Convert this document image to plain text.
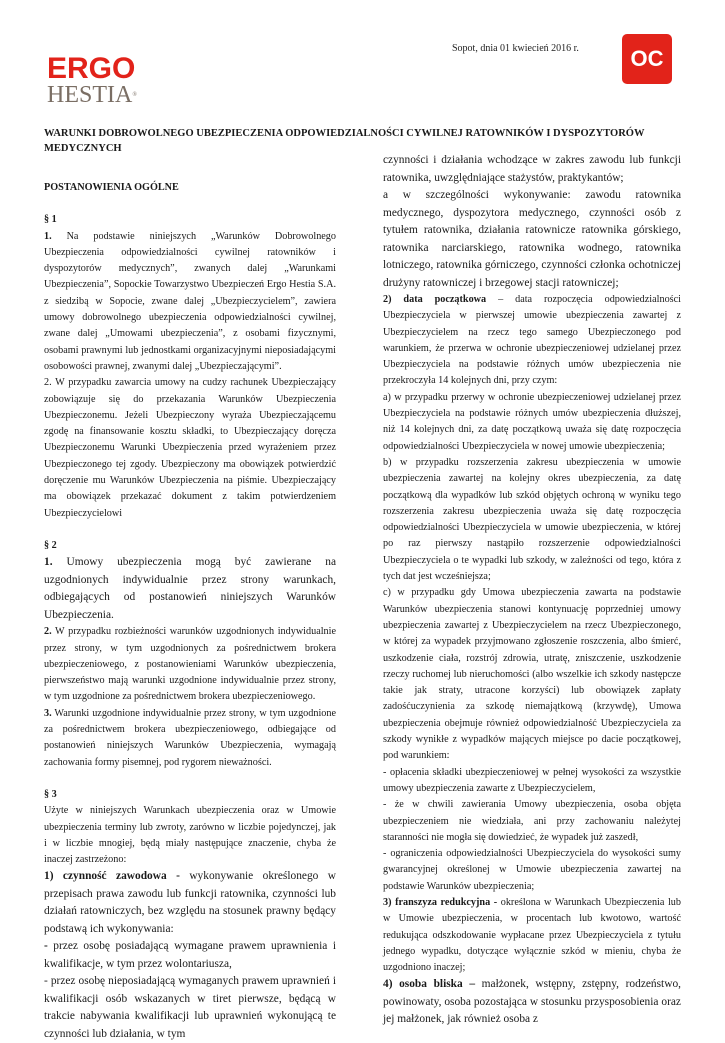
ERGO
HESTIA®
Sopot, dnia 01 kwiecień 2016 r.	OC
WARUNKI DOBROWOLNEGO UBEZPIECZENIA ODPOWIEDZIALNOŚCI CYWILNEJ RATOWNIKÓW I DYSPOZYTORÓW MEDYCZNYCH

POSTANOWIENIA OGÓLNE

§ 1

1. Na podstawie niniejszych „Warunków Dobrowolnego Ubezpieczenia odpowiedzialności cywilnej ratowników i dyspozytorów medycznych”, zwanych dalej „Warunkami Ubezpieczenia”, Sopockie Towarzystwo Ubezpieczeń Ergo Hestia S.A. z siedzibą w Sopocie, zwane dalej „Ubezpieczycielem”, zawiera umowy dobrowolnego ubezpieczenia odpowiedzialności cywilnej, zwane dalej „Umowami ubezpieczenia”, z osobami fizycznymi, osobami prawnymi lub jednostkami organizacyjnymi nieposiadającymi osobowości prawnej, zwanymi dalej „Ubezpieczającymi”.

2. W przypadku zawarcia umowy na cudzy rachunek Ubezpieczający zobowiązuje się do przekazania Warunków Ubezpieczenia Ubezpieczonemu. Jeżeli Ubezpieczony wyraża Ubezpieczającemu zgodę na finansowanie kosztu składki, to Ubezpieczający doręcza Ubezpieczonemu Warunki Ubezpieczenia przed wyrażeniem przez Ubezpieczonego tej zgody. Ubezpieczony ma obowiązek potwierdzić doręczenie mu Warunków Ubezpieczenia na piśmie. Ubezpieczający ma obowiązek przekazać dokument z takim potwierdzeniem Ubezpieczycielowi

§ 2

1. Umowy ubezpieczenia mogą być zawierane na uzgodnionych indywidualnie przez strony warunkach, odbiegających od postanowień niniejszych Warunków Ubezpieczenia.

2. W przypadku rozbieżności warunków uzgodnionych indywidualnie przez strony, w tym uzgodnionych za pośrednictwem brokera ubezpieczeniowego, z postanowieniami Warunków ubezpieczenia, pierwszeństwo mają warunki uzgodnione indywidualnie przez strony, w tym uzgodnione za pośrednictwem brokera ubezpieczeniowego.

3. Warunki uzgodnione indywidualnie przez strony, w tym uzgodnione za pośrednictwem brokera ubezpieczeniowego, odbiegające od postanowień niniejszych Warunków Ubezpieczenia, wymagają zachowania formy pisemnej, pod rygorem nieważności.

§ 3

Użyte w niniejszych Warunkach ubezpieczenia oraz w Umowie ubezpieczenia terminy lub zwroty, zarówno w liczbie pojedynczej, jak i w liczbie mnogiej, będą miały następujące znaczenie, chyba że inaczej zastrzeżono:

1) czynność zawodowa - wykonywanie określonego w przepisach prawa zawodu lub funkcji ratownika, czynności lub działań ratowniczych, bez względu na stosunek prawny będący podstawą ich wykonywania:

- przez osobę posiadającą wymagane prawem uprawnienia i kwalifikacje, w tym przez wolontariusza,

- przez osobę nieposiadającą wymaganych prawem uprawnień i kwalifikacji osób wskazanych w tiret pierwsze, będącą w trakcie nabywania kwalifikacji lub uprawnień wykonującą te czynności lub działania, w tym

czynności i działania wchodzące w zakres zawodu lub funkcji ratownika, uwzględniające stażystów, praktykantów;

a w szczególności wykonywanie: zawodu ratownika medycznego, dyspozytora medycznego, czynności osób z tytułem ratownika, działania ratownicze ratownika górskiego, ratownika narciarskiego, ratownika wodnego, ratownika lotniczego, ratownika górniczego, czynności członka ochotniczej drużyny ratowniczej i brzegowej stacji ratowniczej;

2) data początkowa – data rozpoczęcia odpowiedzialności Ubezpieczyciela w pierwszej umowie ubezpieczenia zawartej z Ubezpieczycielem na rzecz tego samego Ubezpieczonego pod warunkiem, że przerwa w ochronie ubezpieczeniowej udzielanej przez Ubezpieczyciela na podstawie różnych umów ubezpieczenia nie przekroczyła 14 kolejnych dni, przy czym:

a) w przypadku przerwy w ochronie ubezpieczeniowej udzielanej przez Ubezpieczyciela na podstawie różnych umów ubezpieczenia dłuższej, niż 14 kolejnych dni, za datę początkową uważa się datę rozpoczęcia odpowiedzialności Ubezpieczyciela w nowej umowie ubezpieczenia;

b) w przypadku rozszerzenia zakresu ubezpieczenia w umowie ubezpieczenia zawartej na kolejny okres ubezpieczenia, za datę początkową dla wypadków lub szkód objętych ochroną w wyniku tego rozszerzenia zakresu ubezpieczenia uważa się datę rozpoczęcia odpowiedzialności Ubezpieczyciela w umowie ubezpieczenia, w której po raz pierwszy nastąpiło rozszerzenie odpowiedzialności Ubezpieczyciela o te wypadki lub szkody, w zależności od tego, która z tych dat jest wcześniejsza;

c) w przypadku gdy Umowa ubezpieczenia zawarta na podstawie Warunków ubezpieczenia stanowi kontynuację poprzedniej umowy ubezpieczenia zawartej z Ubezpieczycielem na rzecz Ubezpieczonego, w której za wypadek przyjmowano zgłoszenie roszczenia, albo śmierć, uszkodzenie ciała, rozstrój zdrowia, utratę, zniszczenie, uszkodzenie rzeczy ruchomej lub nieruchomości (albo wszelkie ich szkody następcze takie jak straty, utracone korzyści) lub obowiązek zapłaty zadośćuczynienia za szkodę niemajątkową (krzywdę), Umowa ubezpieczenia obejmuje również odpowiedzialność Ubezpieczyciela za szkody wynikłe z wypadków mających miejsce po dacie początkowej, pod warunkiem:

- opłacenia składki ubezpieczeniowej w pełnej wysokości za wszystkie umowy ubezpieczenia zawarte z Ubezpieczycielem,

- że w chwili zawierania Umowy ubezpieczenia, osoba objęta ubezpieczeniem nie wiedziała, ani przy zachowaniu należytej staranności nie mogła się dowiedzieć, że wypadek już zaszedł,

- ograniczenia odpowiedzialności Ubezpieczyciela do wysokości sumy gwarancyjnej określonej w Umowie ubezpieczenia zawartej na podstawie Warunków ubezpieczenia;

3) franszyza redukcyjna - określona w Warunkach Ubezpieczenia lub w Umowie ubezpieczenia, w procentach lub kwotowo, wartość redukująca odszkodowanie wypłacane przez Ubezpieczyciela z tytułu jednego wypadku, dotyczące wyłącznie szkód w mieniu, chyba że uzgodniono inaczej;

4) osoba bliska – małżonek, wstępny, zstępny, rodzeństwo, powinowaty, osoba pozostająca w stosunku przysposobienia oraz jej małżonek, jak również osoba z
